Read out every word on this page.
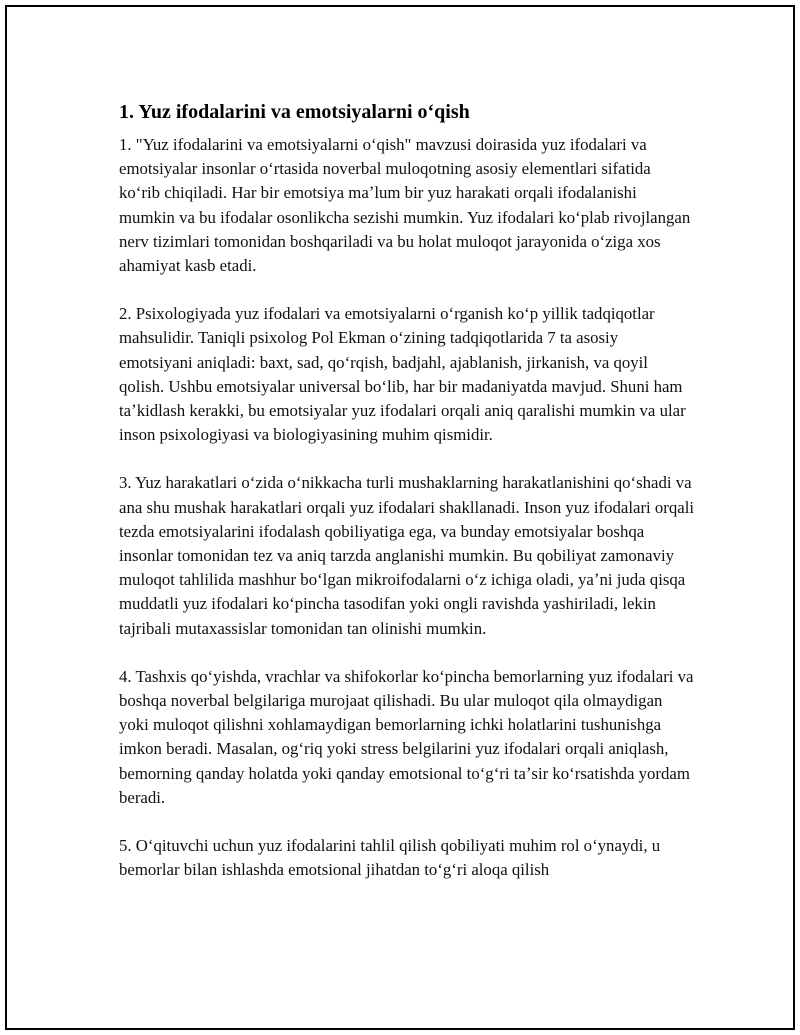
1. Yuz ifodalarini va emotsiyalarni oʻqish

1. "Yuz ifodalarini va emotsiyalarni oʻqish" mavzusi doirasida yuz ifodalari va emotsiyalar insonlar oʻrtasida noverbal muloqotning asosiy elementlari sifatida koʻrib chiqiladi. Har bir emotsiya maʼlum bir yuz harakati orqali ifodalanishi mumkin va bu ifodalar osonlikcha sezishi mumkin. Yuz ifodalari koʻplab rivojlangan nerv tizimlari tomonidan boshqariladi va bu holat muloqot jarayonida oʻziga xos ahamiyat kasb etadi.

2. Psixologiyada yuz ifodalari va emotsiyalarni oʻrganish koʻp yillik tadqiqotlar mahsulidir. Taniqli psixolog Pol Ekman oʻzining tadqiqotlarida 7 ta asosiy emotsiyani aniqladi: baxt, sad, qoʻrqish, badjahl, ajablanish, jirkanish, va qoyil qolish. Ushbu emotsiyalar universal boʻlib, har bir madaniyatda mavjud. Shuni ham taʼkidlash kerakki, bu emotsiyalar yuz ifodalari orqali aniq qaralishi mumkin va ular inson psixologiyasi va biologiyasining muhim qismidir.

3. Yuz harakatlari oʻzida oʻnikkacha turli mushaklarning harakatlanishini qoʻshadi va ana shu mushak harakatlari orqali yuz ifodalari shakllanadi. Inson yuz ifodalari orqali tezda emotsiyalarini ifodalash qobiliyatiga ega, va bunday emotsiyalar boshqa insonlar tomonidan tez va aniq tarzda anglanishi mumkin. Bu qobiliyat zamonaviy muloqot tahlilida mashhur boʻlgan mikroifodalarni oʻz ichiga oladi, yaʼni juda qisqa muddatli yuz ifodalari koʻpincha tasodifan yoki ongli ravishda yashiriladi, lekin tajribali mutaxassislar tomonidan tan olinishi mumkin.

4. Tashxis qoʻyishda, vrachlar va shifokorlar koʻpincha bemorlarning yuz ifodalari va boshqa noverbal belgilariga murojaat qilishadi. Bu ular muloqot qila olmaydigan yoki muloqot qilishni xohlamaydigan bemorlarning ichki holatlarini tushunishga imkon beradi. Masalan, ogʻriq yoki stress belgilarini yuz ifodalari orqali aniqlash, bemorning qanday holatda yoki qanday emotsional toʻgʻri taʼsir koʻrsatishda yordam beradi.

5. Oʻqituvchi uchun yuz ifodalarini tahlil qilish qobiliyati muhim rol oʻynaydi, u bemorlar bilan ishlashda emotsional jihatdan toʻgʻri aloqa qilish
